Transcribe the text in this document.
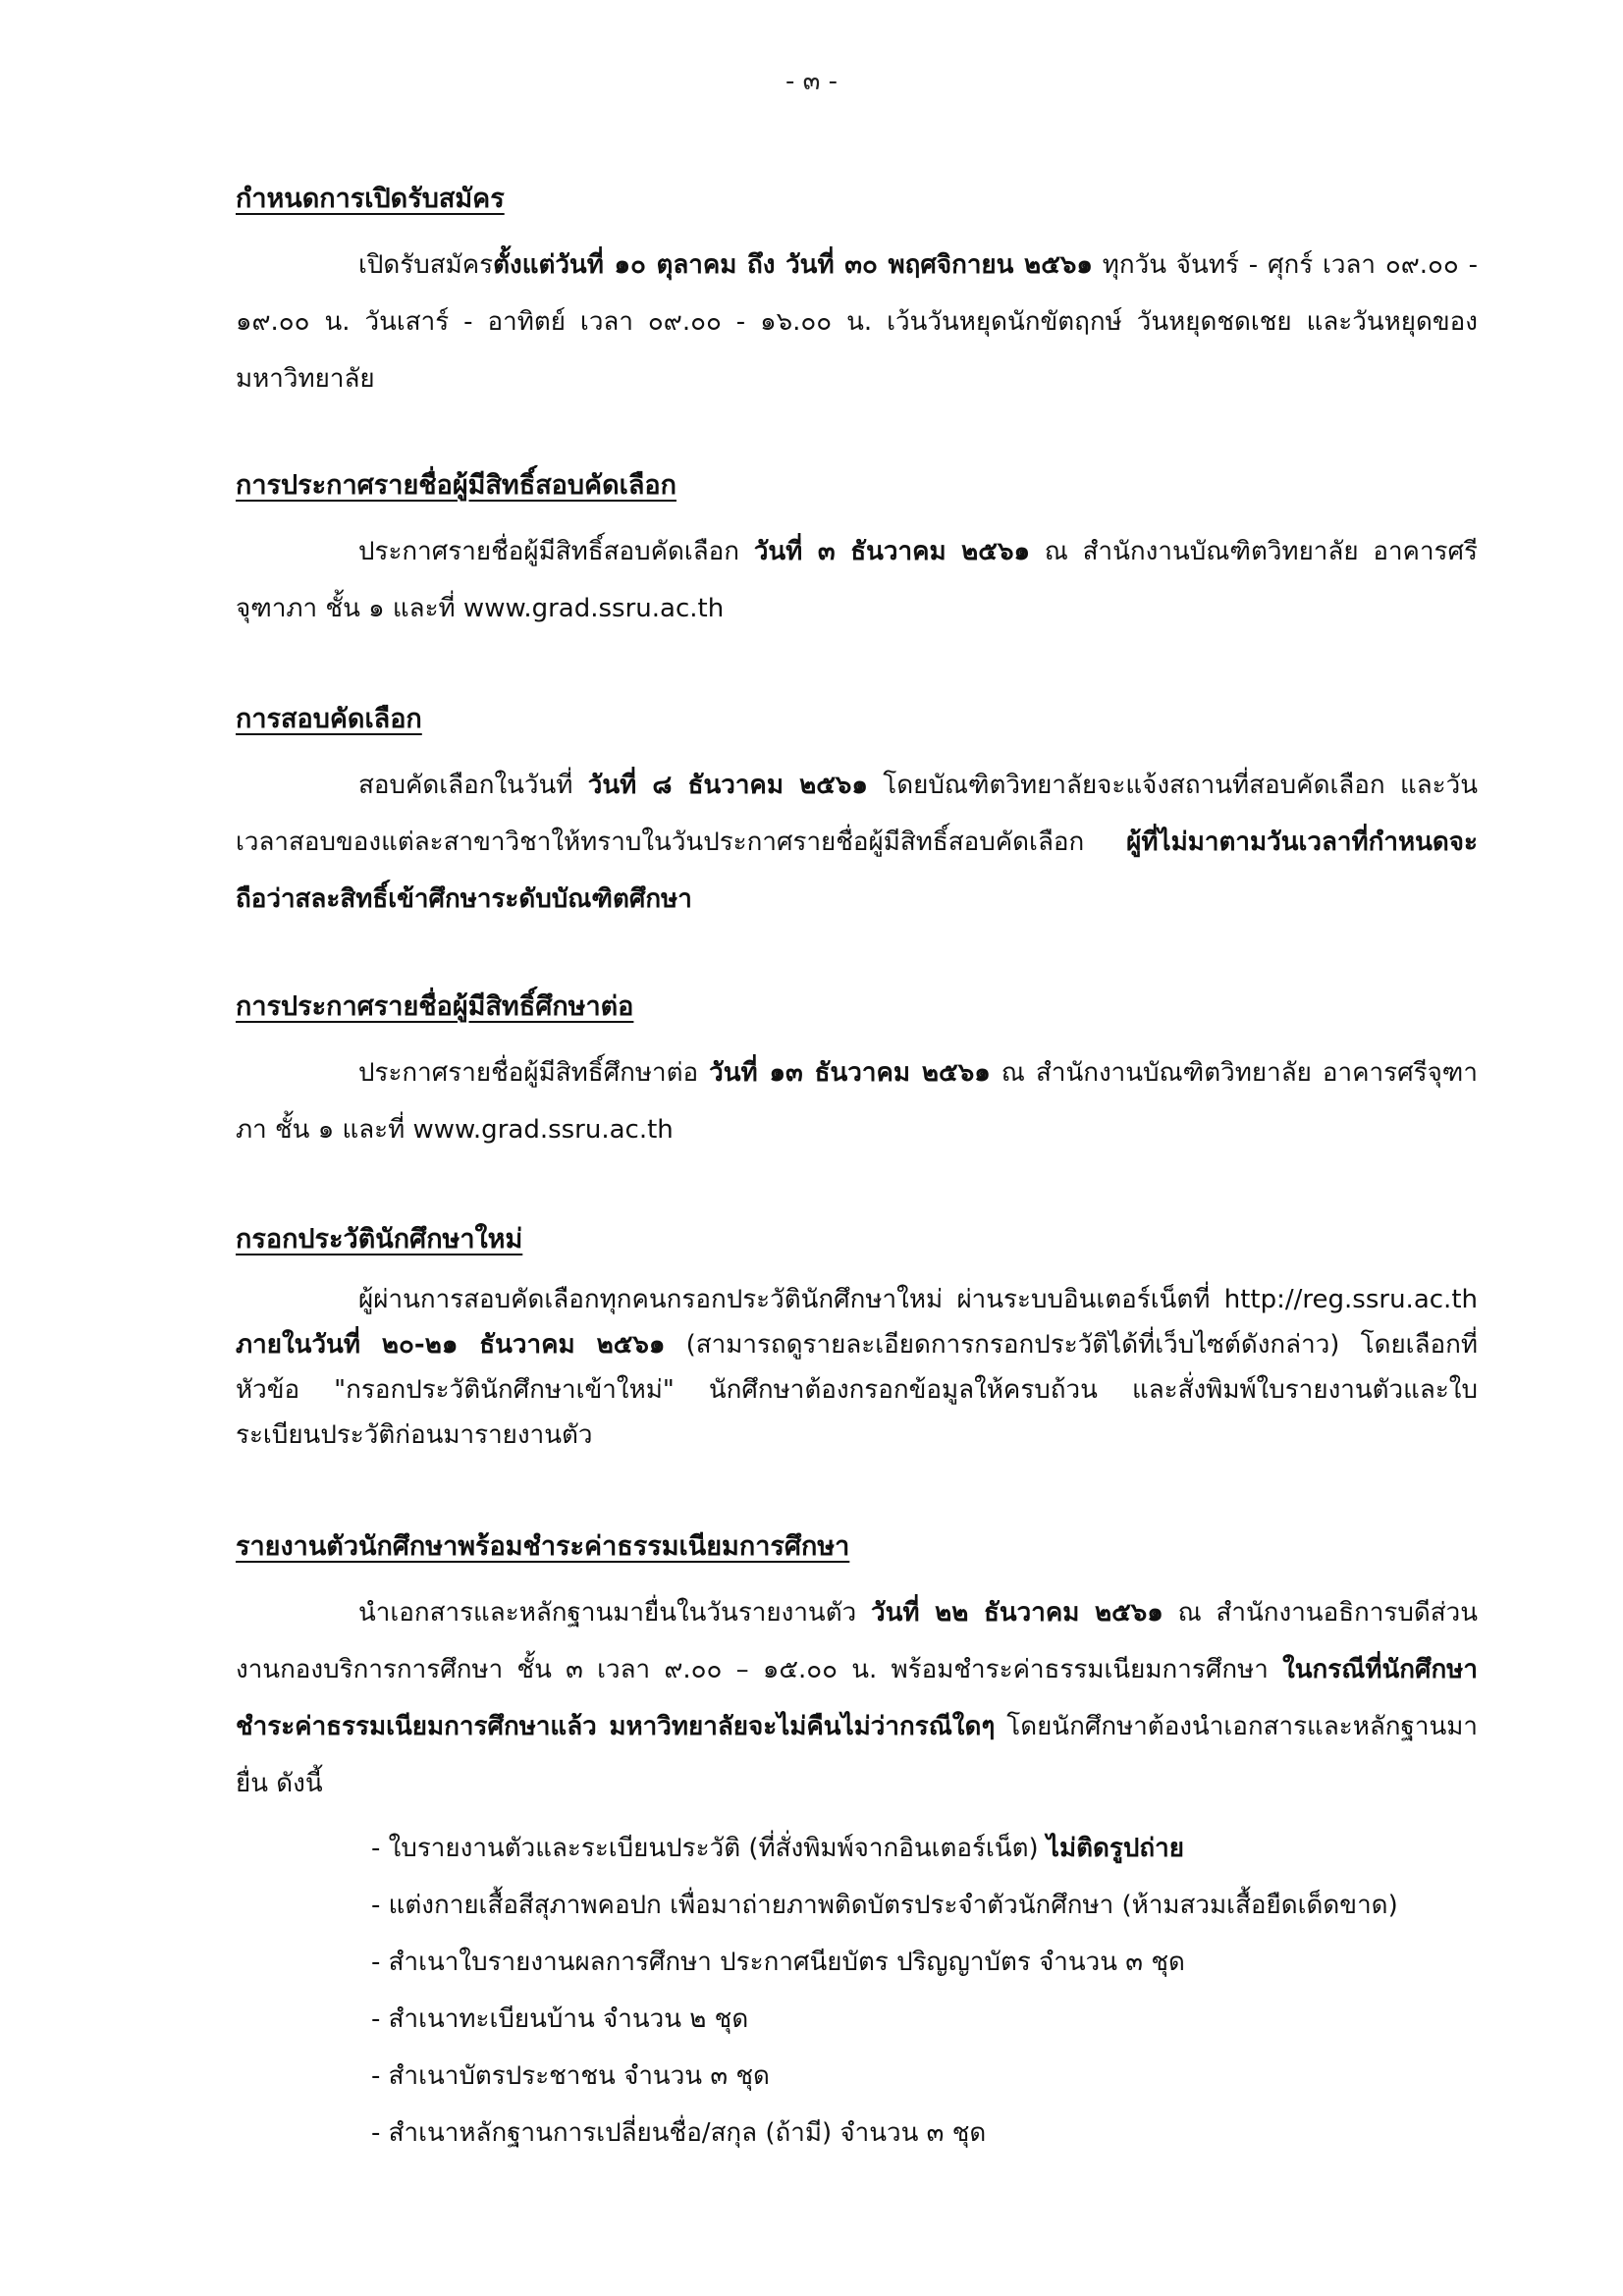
- ๓ -
กำหนดการเปิดรับสมัคร

เปิดรับสมัครตั้งแต่วันที่ ๑๐ ตุลาคม ถึง วันที่ ๓๐ พฤศจิกายน ๒๕๖๑ ทุกวัน จันทร์ - ศุกร์ เวลา ๐๙.๐๐ - ๑๙.๐๐ น. วันเสาร์ - อาทิตย์ เวลา ๐๙.๐๐ - ๑๖.๐๐ น. เว้นวันหยุดนักขัตฤกษ์ วันหยุดชดเชย และวันหยุดของมหาวิทยาลัย

การประกาศรายชื่อผู้มีสิทธิ์สอบคัดเลือก

ประกาศรายชื่อผู้มีสิทธิ์สอบคัดเลือก วันที่ ๓ ธันวาคม ๒๕๖๑ ณ สำนักงานบัณฑิตวิทยาลัย อาคารศรีจุฑาภา ชั้น ๑ และที่ www.grad.ssru.ac.th

การสอบคัดเลือก

สอบคัดเลือกในวันที่ วันที่ ๘ ธันวาคม ๒๕๖๑ โดยบัณฑิตวิทยาลัยจะแจ้งสถานที่สอบคัดเลือก และวันเวลาสอบของแต่ละสาขาวิชาให้ทราบในวันประกาศรายชื่อผู้มีสิทธิ์สอบคัดเลือก ผู้ที่ไม่มาตามวันเวลาที่กำหนดจะถือว่าสละสิทธิ์เข้าศึกษาระดับบัณฑิตศึกษา

การประกาศรายชื่อผู้มีสิทธิ์ศึกษาต่อ

ประกาศรายชื่อผู้มีสิทธิ์ศึกษาต่อ วันที่ ๑๓ ธันวาคม ๒๕๖๑ ณ สำนักงานบัณฑิตวิทยาลัย อาคารศรีจุฑาภา ชั้น ๑ และที่ www.grad.ssru.ac.th

กรอกประวัตินักศึกษาใหม่

ผู้ผ่านการสอบคัดเลือกทุกคนกรอกประวัตินักศึกษาใหม่ ผ่านระบบอินเตอร์เน็ตที่ http://reg.ssru.ac.th ภายในวันที่ ๒๐-๒๑ ธันวาคม ๒๕๖๑ (สามารถดูรายละเอียดการกรอกประวัติได้ที่เว็บไซต์ดังกล่าว) โดยเลือกที่หัวข้อ "กรอกประวัตินักศึกษาเข้าใหม่" นักศึกษาต้องกรอกข้อมูลให้ครบถ้วน และสั่งพิมพ์ใบรายงานตัวและใบระเบียนประวัติก่อนมารายงานตัว

รายงานตัวนักศึกษาพร้อมชำระค่าธรรมเนียมการศึกษา

นำเอกสารและหลักฐานมายื่นในวันรายงานตัว วันที่ ๒๒ ธันวาคม ๒๕๖๑ ณ สำนักงานอธิการบดีส่วนงานกองบริการการศึกษา ชั้น ๓ เวลา ๙.๐๐ – ๑๕.๐๐ น. พร้อมชำระค่าธรรมเนียมการศึกษา ในกรณีที่นักศึกษาชำระค่าธรรมเนียมการศึกษาแล้ว มหาวิทยาลัยจะไม่คืนไม่ว่ากรณีใดๆ โดยนักศึกษาต้องนำเอกสารและหลักฐานมายื่น ดังนี้

- ใบรายงานตัวและระเบียนประวัติ (ที่สั่งพิมพ์จากอินเตอร์เน็ต) ไม่ติดรูปถ่าย
- แต่งกายเสื้อสีสุภาพคอปก เพื่อมาถ่ายภาพติดบัตรประจำตัวนักศึกษา (ห้ามสวมเสื้อยืดเด็ดขาด)
- สำเนาใบรายงานผลการศึกษา ประกาศนียบัตร ปริญญาบัตร จำนวน ๓ ชุด
- สำเนาทะเบียนบ้าน จำนวน ๒ ชุด
- สำเนาบัตรประชาชน จำนวน ๓ ชุด
- สำเนาหลักฐานการเปลี่ยนชื่อ/สกุล (ถ้ามี) จำนวน ๓ ชุด
